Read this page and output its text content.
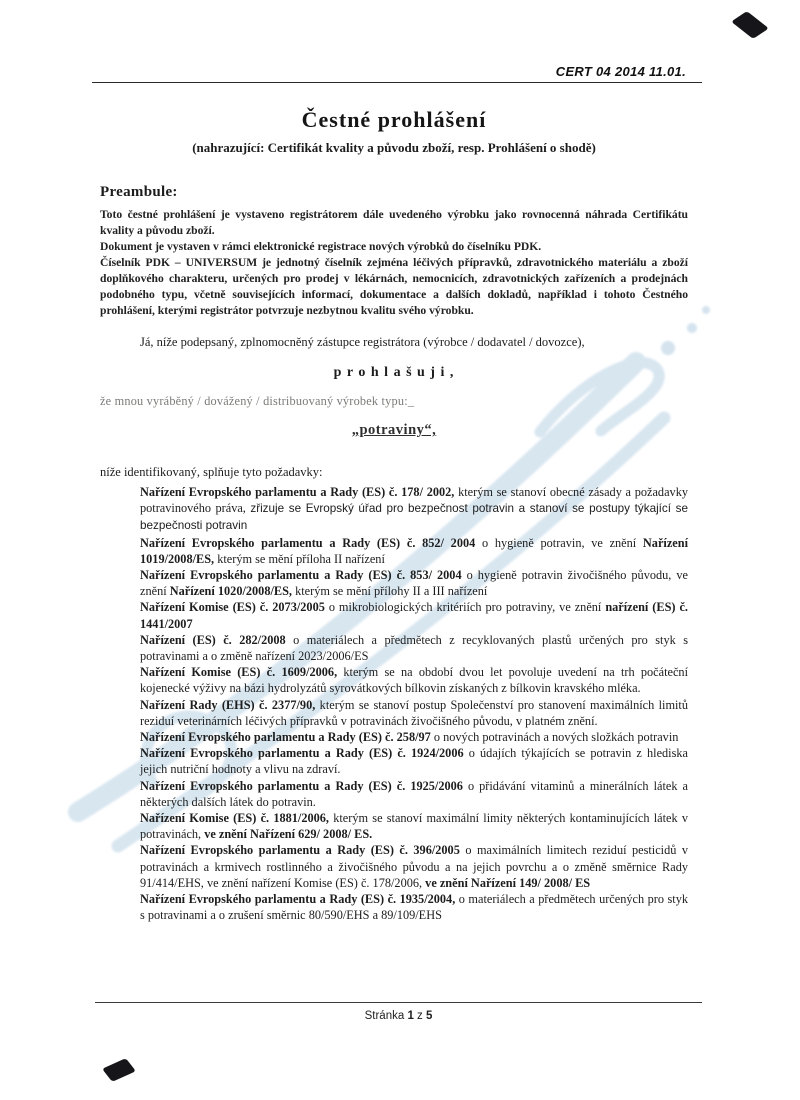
CERT 04 2014 11.01.
Čestné prohlášení
(nahrazující: Certifikát kvality a původu zboží, resp. Prohlášení o shodě)
Preambule:

Toto čestné prohlášení je vystaveno registrátorem dále uvedeného výrobku jako rovnocenná náhrada Certifikátu kvality a původu zboží.

Dokument je vystaven v rámci elektronické registrace nových výrobků do číselníku PDK.

Číselník PDK – UNIVERSUM je jednotný číselník zejména léčivých přípravků, zdravotnického materiálu a zboží doplňkového charakteru, určených pro prodej v lékárnách, nemocnicích, zdravotnických zařízeních a prodejnách podobného typu, včetně souvisejících informací, dokumentace a dalších dokladů, například i tohoto Čestného prohlášení, kterými registrátor potvrzuje nezbytnou kvalitu svého výrobku.

Já, níže podepsaný, zplnomocněný zástupce registrátora (výrobce / dodavatel / dovozce),

p r o h l a š u j i ,

že mnou vyráběný / dovážený / distribuovaný výrobek typu:_

„potraviny“,

níže identifikovaný, splňuje tyto požadavky:

Nařízení Evropského parlamentu a Rady (ES) č. 178/ 2002, kterým se stanoví obecné zásady a požadavky potravinového práva, zřizuje se Evropský úřad pro bezpečnost potravin a stanoví se postupy týkající se bezpečnosti potravin

Nařízení Evropského parlamentu a Rady (ES) č. 852/ 2004 o hygieně potravin, ve znění Nařízení 1019/2008/ES, kterým se mění příloha II nařízení

Nařízení Evropského parlamentu a Rady (ES) č. 853/ 2004 o hygieně potravin živočišného původu, ve znění Nařízení 1020/2008/ES, kterým se mění přílohy II a III nařízení

Nařízení Komise (ES) č. 2073/2005 o mikrobiologických kritériích pro potraviny, ve znění nařízení (ES) č. 1441/2007

Nařízení (ES) č. 282/2008 o materiálech a předmětech z recyklovaných plastů určených pro styk s potravinami a o změně nařízení 2023/2006/ES

Nařízení Komise (ES) č. 1609/2006, kterým se na období dvou let povoluje uvedení na trh počáteční kojenecké výživy na bázi hydrolyzátů syrovátkových bílkovin získaných z bílkovin kravského mléka.

Nařízení Rady (EHS) č. 2377/90, kterým se stanoví postup Společenství pro stanovení maximálních limitů reziduí veterinárních léčivých přípravků v potravinách živočišného původu, v platném znění.

Nařízení Evropského parlamentu a Rady (ES) č. 258/97 o nových potravinách a nových složkách potravin

Nařízení Evropského parlamentu a Rady (ES) č. 1924/2006 o údajích týkajících se potravin z hlediska jejich nutriční hodnoty a vlivu na zdraví.

Nařízení Evropského parlamentu a Rady (ES) č. 1925/2006 o přidávání vitaminů a minerálních látek a některých dalších látek do potravin.

Nařízení Komise (ES) č. 1881/2006, kterým se stanoví maximální limity některých kontaminujících látek v potravinách, ve znění Nařízení 629/ 2008/ ES.

Nařízení Evropského parlamentu a Rady (ES) č. 396/2005 o maximálních limitech reziduí pesticidů v potravinách a krmivech rostlinného a živočišného původu a na jejich povrchu a o změně směrnice Rady 91/414/EHS, ve znění nařízení Komise (ES) č. 178/2006, ve znění Nařízení 149/ 2008/ ES

Nařízení Evropského parlamentu a Rady (ES) č. 1935/2004, o materiálech a předmětech určených pro styk s potravinami a o zrušení směrnic 80/590/EHS a 89/109/EHS

Stránka 1 z 5
